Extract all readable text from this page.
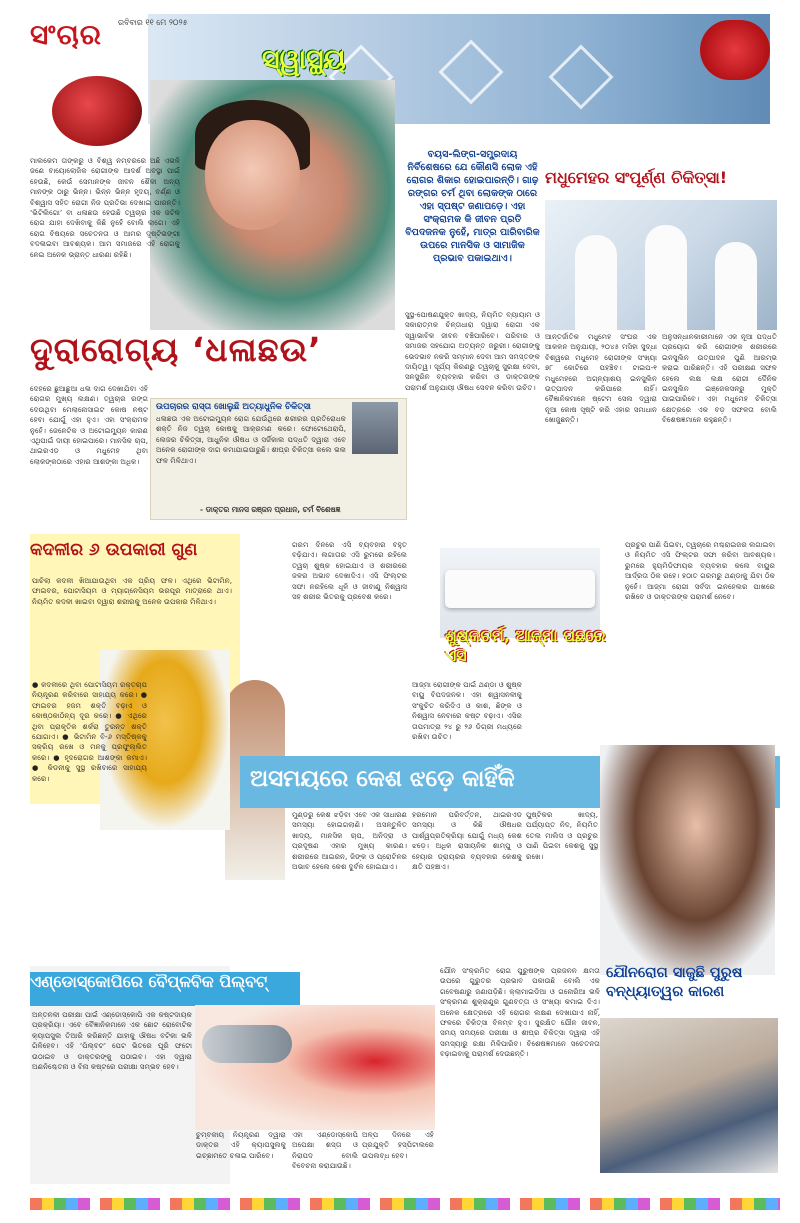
ସଂଚାର ରବିବାର ୧୧ ମେ ୨୦୨୫
ସ୍ୱାସ୍ଥ୍ୟ
ମାଲକେମ ତାଙ୍କରୁ ଓ ବିଶ୍ୱ ନମ୍ବରରେ ଅଛି ଏଭଳି ଜଣେ ବାୟୋଲୋଜିକ ରୋଗୀଙ୍କ ଆଦର୍ଶ ଅବସ୍ଥା ପାଇଁ ହେଉଛି, କେଉଁ ସେମାନଙ୍କ ଜୀବନ ଶୈଳୀ ଅନ୍ୟ ମାନଙ୍କ ଠାରୁ ଭିନ୍ନ। ଭିନ୍ନ ଭିନ୍ନ ହୃଦୟ, ବର୍ଣ୍ଣ ଓ ବିଶ୍ୱାସ ସହିତ ରୋଗୀ ନିଜ ପ୍ରତିଭା ଦେଖାଇ ପାରନ୍ତି। ‘ଭିଟିଲିଗୋ’ ବା ଧଳାଛଉ ହେଉଛି ତ୍ୱଚାର ଏକ ଜଟିଳ ରୋଗ ଯାହା ଦେଖିବାକୁ କିଛି ନୁହେଁ ବୋଲି ଲାଗେ। ଏହି ରୋଗ ବିଷୟରେ ସଚେତନତା ଓ ଆମର ଦୃଷ୍ଟିଭଙ୍ଗୀ ବଦଳାଇବା ଆବଶ୍ୟକ। ଆମ ସମାଜରେ ଏହି ରୋଗକୁ ନେଇ ଅନେକ ଭ୍ରାନ୍ତ ଧାରଣା ରହିଛି।
ଦୁରାରୋଗ୍ୟ ‘ଧଳାଛଉ’
ଦେହରେ ଛୁଆଛୁଆ ଧଳା ଦାଗ ଦେଖାଯିବା ଏହି ରୋଗର ମୁଖ୍ୟ ଲକ୍ଷଣ। ତ୍ୱଚାର ରଙ୍ଗ ଦେଉଥିବା ମେଲାନୋସାଇଟ କୋଷ ନଷ୍ଟ ହେବା ଯୋଗୁଁ ଏହା ହୁଏ। ଏହା ସଂକ୍ରାମକ ନୁହେଁ। ଜେନେଟିକ ଓ ଅଟୋଇମ୍ୟୁନ କାରଣ ଏଥିପାଇଁ ଦାୟୀ ହୋଇପାରେ। ମାନସିକ ଚାପ, ଥାଇରଏଡ ଓ ମଧୁମେହ ଥିବା ଲୋକଙ୍କଠାରେ ଏହାର ଆଶଙ୍କା ଅଧିକ।
ଉପଚାରର ରାସ୍ତା ଖୋଲୁଛି ଅତ୍ୟାଧୁନିକ ଚିକିତ୍ସା
ଧଳାଛଉ ଏକ ଅଟୋଇମ୍ୟୁନ ରୋଗ ଯେଉଁଥିରେ ଶରୀରର ପ୍ରତିରୋଧକ ଶକ୍ତି ନିଜ ତ୍ୱଚା କୋଷକୁ ଆକ୍ରମଣ କରେ। ଫୋଟୋଥେରାପି, ଲେଜର ଚିକିତ୍ସା, ଆଧୁନିକ ଔଷଧ ଓ ସର୍ଜିକାଲ ପଦ୍ଧତି ଦ୍ୱାରା ଏବେ ଅନେକ ରୋଗୀଙ୍କ ଦାଗ କମାଯାଇପାରୁଛି। ଶୀଘ୍ର ଚିକିତ୍ସା କଲେ ଭଲ ଫଳ ମିଳିଥାଏ।
- ଡାକ୍ତର ମାନସ ରଞ୍ଜନ ପ୍ରଧାନ, ଚର୍ମ ବିଶେଷଜ୍ଞ
ବୟସ-ଲିଙ୍ଗ-ସମ୍ପ୍ରଦାୟ ନିର୍ବିଶେଷରେ ଯେ କୌଣସି ଲୋକ ଏହି ରୋଗର ଶିକାର ହୋଇପାରନ୍ତି। ଗାଢ଼ ରଙ୍ଗର ଚର୍ମ ଥିବା ଲୋକଙ୍କ ଠାରେ ଏହା ସ୍ପଷ୍ଟ ଜଣାପଡ଼େ। ଏହା ସଂକ୍ରାମକ କି ଜୀବନ ପ୍ରତି ବିପଦଜନକ ନୁହେଁ, ମାତ୍ର ପାରିବାରିକ ଉପରେ ମାନସିକ ଓ ସାମାଜିକ ପ୍ରଭାବ ପକାଇଥାଏ।
ସୁସ୍ଥ-ପୋଷଣଯୁକ୍ତ ଖାଦ୍ୟ, ନିୟମିତ ବ୍ୟାୟାମ ଓ ସକାରାତ୍ମକ ଚିନ୍ତାଧାରା ଦ୍ୱାରା ରୋଗୀ ଏକ ସ୍ୱାଭାବିକ ଜୀବନ ବଞ୍ଚିପାରିବେ। ପରିବାର ଓ ସମାଜର ସହଯୋଗ ଅତ୍ୟନ୍ତ ଜରୁରୀ। ରୋଗୀଙ୍କୁ ଭେଦଭାବ ନକରି ସମ୍ମାନ ଦେବା ଆମ ସମସ୍ତଙ୍କ ଦାୟିତ୍ୱ। ସୂର୍ଯ୍ୟ କିରଣରୁ ତ୍ୱଚାକୁ ସୁରକ୍ଷା ଦେବା, ସନସ୍କ୍ରିନ ବ୍ୟବହାର କରିବା ଓ ଡାକ୍ତରଙ୍କ ପରାମର୍ଶ ଅନୁଯାୟୀ ଔଷଧ ସେବନ କରିବା ଉଚିତ।
ମଧୁମେହର ସଂପୂର୍ଣ୍ଣ ଚିକିତ୍ସା!
ଆନ୍ତର୍ଜାତିକ ମଧୁମେହ ସଂଘର ଏକ ଆକଳନ ଅନୁଯାୟୀ, ୨୦୪୫ ମସିହା ସୁଦ୍ଧା ବିଶ୍ୱରେ ମଧୁମେହ ରୋଗୀଙ୍କ ସଂଖ୍ୟା ୭୮ କୋଟିରେ ପହଞ୍ଚିବ। ଟାଇପ-୧ ମଧୁମେହରେ ଅଗ୍ନ୍ୟାଶୟ ଇନସୁଲିନ ଉତ୍ପାଦନ କରିପାରେ ନାହିଁ। ବୈଜ୍ଞାନିକମାନେ ଷ୍ଟେମ ସେଲ ଦ୍ୱାରା ନୂଆ କୋଷ ସୃଷ୍ଟି କରି ଏହାର ସମାଧାନ ଖୋଜୁଛନ୍ତି।
ଅନୁସନ୍ଧାନକାରୀମାନେ ଏକ ନୂଆ ପଦ୍ଧତି ପ୍ରୟୋଗ କରି ରୋଗୀଙ୍କ ଶରୀରରେ ଇନସୁଲିନ ଉତ୍ପାଦନ ପୁଣି ଆରମ୍ଭ କରାଇ ପାରିଛନ୍ତି। ଏହି ପରୀକ୍ଷଣ ସଫଳ ହେଲେ ଲକ୍ଷ ଲକ୍ଷ ରୋଗୀ ଦୈନିକ ଇନସୁଲିନ ଇଞ୍ଜେକସନରୁ ମୁକ୍ତି ପାଇପାରିବେ। ଏହା ମଧୁମେହ ଚିକିତ୍ସା କ୍ଷେତ୍ରରେ ଏକ ବଡ଼ ସଫଳତା ବୋଲି ବିଶେଷଜ୍ଞମାନେ କହୁଛନ୍ତି।
କଦଳୀର ୬ ଉପକାରୀ ଗୁଣ
ପାଚିଲା କଦଳୀ ଖିଆଯାଉଥିବା ଏକ ପ୍ରିୟ ଫଳ। ଏଥିରେ ଭିଟାମିନ, ଫାଇବର, ପୋଟାସିୟମ ଓ ମ୍ୟାଗ୍ନେସିୟମ ଭରପୂର ମାତ୍ରାରେ ଥାଏ। ନିୟମିତ କଦଳୀ ଖାଇବା ଦ୍ୱାରା ଶରୀରକୁ ଅନେକ ଉପକାର ମିଳିଥାଏ।
● କଦଳୀରେ ଥିବା ପୋଟାସିୟମ ରକ୍ତଚାପ ନିୟନ୍ତ୍ରଣ କରିବାରେ ସାହାଯ୍ୟ କରେ। ● ଫାଇବର ହଜମ ଶକ୍ତି ବଢ଼ାଏ ଓ କୋଷ୍ଠକାଠିନ୍ୟ ଦୂର କରେ। ● ଏଥିରେ ଥିବା ପ୍ରାକୃତିକ ଶର୍କରା ତୁରନ୍ତ ଶକ୍ତି ଯୋଗାଏ। ● ଭିଟାମିନ ବି-୬ ମସ୍ତିଷ୍କକୁ ସକ୍ରିୟ ରଖେ ଓ ମନକୁ ପ୍ରଫୁଲ୍ଲିତ କରେ। ● ହୃଦରୋଗର ଆଶଙ୍କା କମାଏ। ● କିଡନୀକୁ ସୁସ୍ଥ ରଖିବାରେ ସାହାଯ୍ୟ କରେ।
ଗରମ ଦିନରେ ଏସି ବ୍ୟବହାର ବହୁତ ବଢ଼ିଯାଏ। ଲଗାତାର ଏସି ରୁମରେ ରହିଲେ ତ୍ୱଚା ଶୁଷ୍କ ହୋଇଯାଏ ଓ ଶରୀରରେ ଜଳର ଅଭାବ ଦେଖାଦିଏ। ଏସି ଫିଲ୍ଟର ସଫା ନରହିଲେ ଧୂଳି ଓ ଜୀବାଣୁ ନିଶ୍ୱାସ ସହ ଶରୀର ଭିତରକୁ ପ୍ରବେଶ କରେ।
ଶୁଷ୍କଚର୍ମ, ଆଜ୍ମା ପଛରେ ଏସି
ଆଜ୍ମା ରୋଗୀଙ୍କ ପାଇଁ ଥଣ୍ଡା ଓ ଶୁଷ୍କ ବାୟୁ ବିପଦଜନକ। ଏହା ଶ୍ୱାସନଳୀକୁ ସଂକୁଚିତ କରିଦିଏ ଓ କାଶ, ଛିଙ୍କ ଓ ନିଶ୍ୱାସ ନେବାରେ କଷ୍ଟ ବଢ଼ାଏ। ଏସିର ତାପମାତ୍ରା ୨୪ ରୁ ୨୬ ଡିଗ୍ରୀ ମଧ୍ୟରେ ରଖିବା ଉଚିତ।
ପ୍ରଚୁର ପାଣି ପିଇବା, ତ୍ୱଚାରେ ମଶ୍ଚରାଇଜର ଲଗାଇବା ଓ ନିୟମିତ ଏସି ଫିଲ୍ଟର ସଫା କରିବା ଆବଶ୍ୟକ। ରୁମରେ ହ୍ୟୁମିଡିଫାୟର ବ୍ୟବହାର କଲେ ବାୟୁର ଆର୍ଦ୍ରତା ଠିକ ରହେ। ହଠାତ ଗରମରୁ ଥଣ୍ଡାକୁ ଯିବା ଠିକ ନୁହେଁ। ଆଜ୍ମା ରୋଗୀ ସର୍ବଦା ଇନହେଲର ପାଖରେ ରଖିବେ ଓ ଡାକ୍ତରଙ୍କ ପରାମର୍ଶ ନେବେ।
ଅସମୟରେ କେଶ ଝଡ଼େ କାହିଁକି
ମୁଣ୍ଡରୁ କେଶ ଝଡ଼ିବା ଏବେ ଏକ ସାଧାରଣ ସମସ୍ୟା ହୋଇଗଲାଣି। ଅସନ୍ତୁଳିତ ଖାଦ୍ୟ, ମାନସିକ ଚାପ, ଅନିଦ୍ରା ଓ ପ୍ରଦୂଷଣ ଏହାର ମୁଖ୍ୟ କାରଣ। ଶରୀରରେ ଆଇରନ, ଜିଙ୍କ ଓ ପ୍ରୋଟିନର ଅଭାବ ହେଲେ କେଶ ଦୁର୍ବଳ ହୋଇଯାଏ।
ହରମୋନ ପରିବର୍ତ୍ତନ, ଥାଇରଏଡ ସମସ୍ୟା ଓ କିଛି ଔଷଧର ପାର୍ଶ୍ୱପ୍ରତିକ୍ରିୟା ଯୋଗୁଁ ମଧ୍ୟ କେଶ ଝଡ଼େ। ଅଧିକ ରାସାୟନିକ ଶାମ୍ପୁ ଓ ହେୟାର ଡ୍ରାୟରର ବ୍ୟବହାର କେଶକୁ କ୍ଷତି ପହଞ୍ଚାଏ।
ପୁଷ୍ଟିକର ଖାଦ୍ୟ, ପର୍ଯ୍ୟାପ୍ତ ନିଦ, ନିୟମିତ ତେଲ ମାଲିସ ଓ ପ୍ରଚୁର ପାଣି ପିଇବା କେଶକୁ ସୁସ୍ଥ ରଖେ।
ଏଣ୍ଡୋସ୍କୋପିରେ ବୈପ୍ଳବିକ ପିଲ୍‌ବଟ୍
ଅନ୍ତନଳୀ ପରୀକ୍ଷା ପାଇଁ ଏଣ୍ଡୋସ୍କୋପି ଏକ କଷ୍ଟଦାୟକ ପ୍ରକ୍ରିୟା। ଏବେ ବୈଜ୍ଞାନିକମାନେ ଏକ ଛୋଟ ରୋବୋଟିକ କ୍ୟାପସୁଲ ତିଆରି କରିଛନ୍ତି ଯାହାକୁ ଔଷଧ ବଟିକା ଭଳି ଗିଳିହେବ। ଏହି ‘ପିଲ୍‌ବଟ’ ପେଟ ଭିତରେ ଘୂରି ଫଟୋ ଉଠାଇବ ଓ ଡାକ୍ତରଙ୍କୁ ପଠାଇବ। ଏହା ଦ୍ୱାରା ଅଣନିଶ୍ଚେତନା ଓ ବିନା କଷ୍ଟରେ ପରୀକ୍ଷା ସମ୍ଭବ ହେବ।
ଚୁମ୍ବକୀୟ ନିୟନ୍ତ୍ରଣ ଦ୍ୱାରା ଡାକ୍ତର ଏହି କ୍ୟାପସୁଲକୁ ଇଚ୍ଛାମତେ ଚଳାଇ ପାରିବେ।
ଏହା ଏଣ୍ଡୋସ୍କୋପି ଅପେକ୍ଷା ଶସ୍ତା ଓ ନିରାପଦ ବୋଲି ବିବେଚନା କରାଯାଉଛି।
ଅଳ୍ପ ଦିନରେ ଏହି ପ୍ରଯୁକ୍ତି ହସ୍ପିଟାଲରେ ଉପଲବ୍ଧ ହେବ।
ଯୌନ ସଂକ୍ରମିତ ରୋଗ ପୁରୁଷଙ୍କ ପ୍ରଜନନ କ୍ଷମତା ଉପରେ ଗୁରୁତର ପ୍ରଭାବ ପକାଉଛି ବୋଲି ଏକ ଗବେଷଣାରୁ ଜଣାପଡ଼ିଛି। କ୍ଲାମାଇଡିଆ ଓ ଗନୋରିଆ ଭଳି ସଂକ୍ରମଣ ଶୁକ୍ରାଣୁର ଗୁଣବତ୍ତା ଓ ସଂଖ୍ୟା କମାଇ ଦିଏ। ଅନେକ କ୍ଷେତ୍ରରେ ଏହି ରୋଗର ଲକ୍ଷଣ ଦେଖାଯାଏ ନାହିଁ, ଫଳରେ ଚିକିତ୍ସା ବିଳମ୍ବ ହୁଏ। ସୁରକ୍ଷିତ ଯୌନ ଜୀବନ, ସମୟ ସମୟରେ ପରୀକ୍ଷା ଓ ଶୀଘ୍ର ଚିକିତ୍ସା ଦ୍ୱାରା ଏହି ସମସ୍ୟାରୁ ରକ୍ଷା ମିଳିପାରିବ। ବିଶେଷଜ୍ଞମାନେ ସଚେତନତା ବଢ଼ାଇବାକୁ ପରାମର୍ଶ ଦେଉଛନ୍ତି।
ଯୌନରୋଗ ସାଜୁଛି ପୁରୁଷ ବନ୍ଧ୍ୟାତ୍ୱର କାରଣ
